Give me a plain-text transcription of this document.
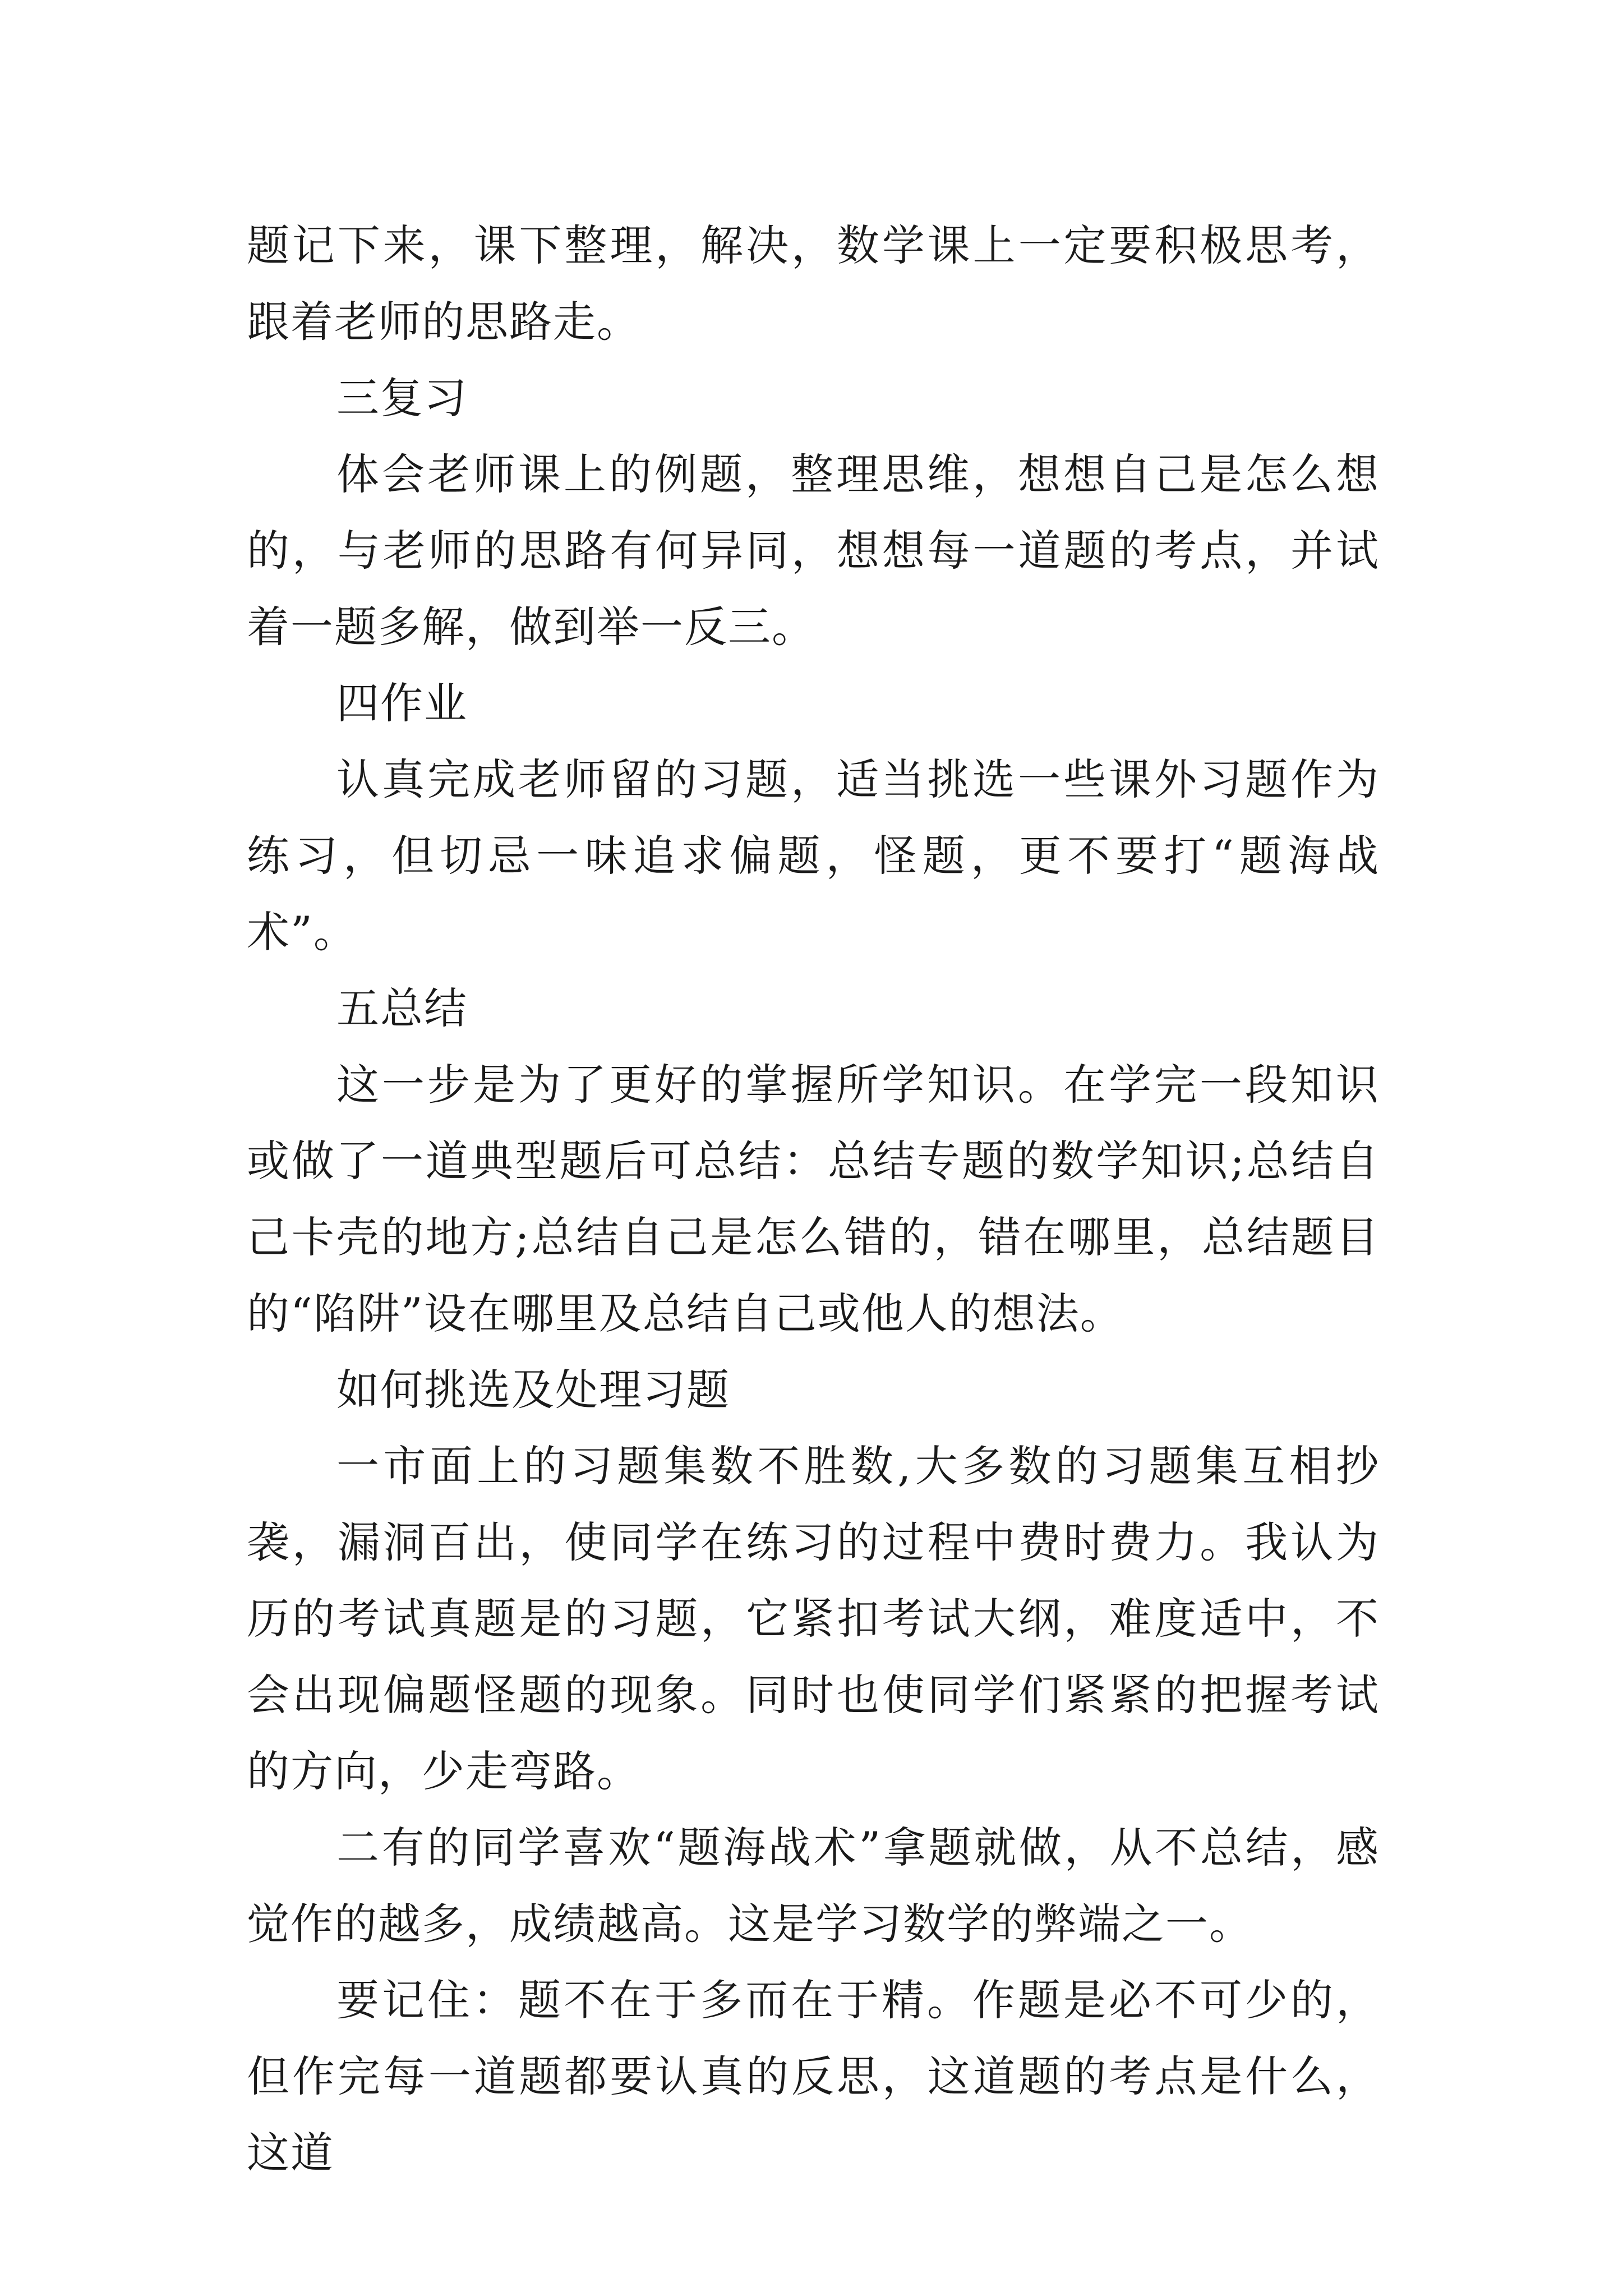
题记下来，课下整理，解决，数学课上一定要积极思考，跟着老师的思路走。

三复习

体会老师课上的例题，整理思维，想想自己是怎么想的，与老师的思路有何异同，想想每一道题的考点，并试着一题多解，做到举一反三。

四作业

认真完成老师留的习题，适当挑选一些课外习题作为练习，但切忌一味追求偏题，怪题，更不要打“题海战术”。

五总结

这一步是为了更好的掌握所学知识。在学完一段知识或做了一道典型题后可总结：总结专题的数学知识;总结自己卡壳的地方;总结自己是怎么错的，错在哪里，总结题目的“陷阱”设在哪里及总结自己或他人的想法。

如何挑选及处理习题

一市面上的习题集数不胜数,大多数的习题集互相抄袭，漏洞百出，使同学在练习的过程中费时费力。我认为历的考试真题是的习题，它紧扣考试大纲，难度适中，不会出现偏题怪题的现象。同时也使同学们紧紧的把握考试的方向，少走弯路。

二有的同学喜欢“题海战术”拿题就做，从不总结，感觉作的越多，成绩越高。这是学习数学的弊端之一。

要记住：题不在于多而在于精。作题是必不可少的，但作完每一道题都要认真的反思，这道题的考点是什么，这道
